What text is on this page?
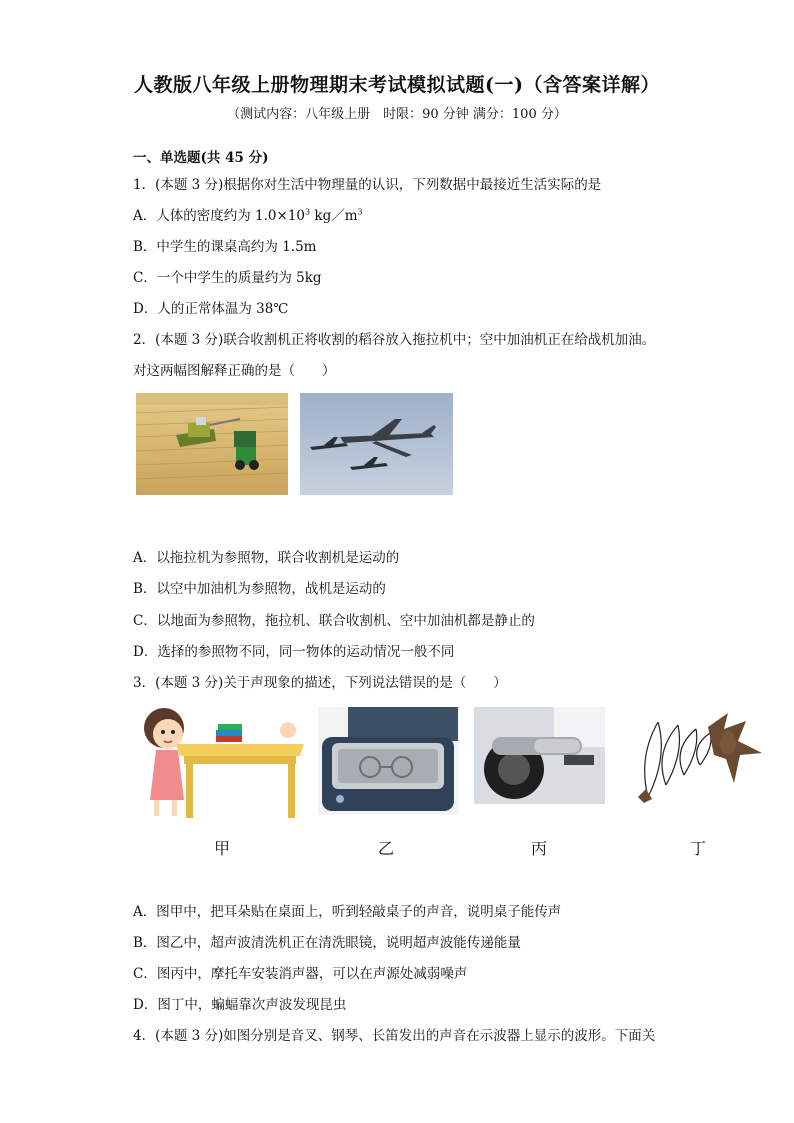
人教版八年级上册物理期末考试模拟试题(一)（含答案详解）
（测试内容：八年级上册　时限：90 分钟 满分：100 分）
一、单选题(共 45 分)
1．(本题 3 分)根据你对生活中物理量的认识，下列数据中最接近生活实际的是
A．人体的密度约为 $1.0\times 10^3$ $kg/m^3$
B．中学生的课桌高约为 1.5m
C．一个中学生的质量约为 5kg
D．人的正常体温为 38℃
2．(本题 3 分)联合收割机正将收割的稻谷放入拖拉机中；空中加油机正在给战机加油。
对这两幅图解释正确的是（　　）
A．以拖拉机为参照物，联合收割机是运动的
B．以空中加油机为参照物，战机是运动的
C．以地面为参照物，拖拉机、联合收割机、空中加油机都是静止的
D．选择的参照物不同，同一物体的运动情况一般不同
3．(本题 3 分)关于声现象的描述，下列说法错误的是（　　）
甲	乙	丙	丁
A．图甲中，把耳朵贴在桌面上，听到轻敲桌子的声音，说明桌子能传声
B．图乙中，超声波清洗机正在清洗眼镜，说明超声波能传递能量
C．图丙中，摩托车安装消声器，可以在声源处减弱噪声
D．图丁中，蝙蝠靠次声波发现昆虫
4．(本题 3 分)如图分别是音叉、钢琴、长笛发出的声音在示波器上显示的波形。下面关
